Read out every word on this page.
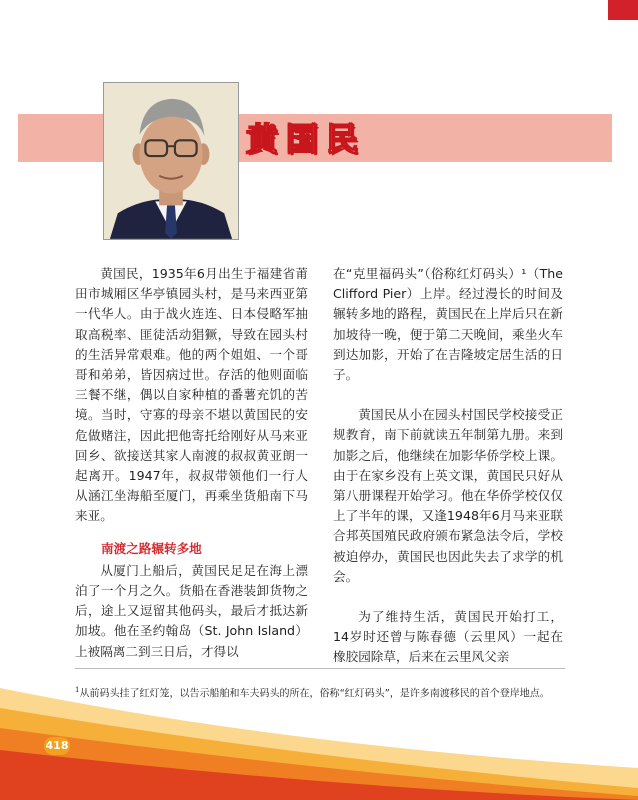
黄国民

黄国民，1935年6月出生于福建省莆田市城厢区华亭镇园头村，是马来西亚第一代华人。由于战火连连、日本侵略军抽取高税率、匪徒活动猖獗，导致在园头村的生活异常艰难。他的两个姐姐、一个哥哥和弟弟，皆因病过世。存活的他则面临三餐不继，偶以自家种植的番薯充饥的苦境。当时，守寡的母亲不堪以黄国民的安危做赌注，因此把他寄托给刚好从马来亚回乡、欲接送其家人南渡的叔叔黄亚朗一起离开。1947年，叔叔带领他们一行人从涵江坐海船至厦门，再乘坐货船南下马来亚。

南渡之路辗转多地

从厦门上船后，黄国民足足在海上漂泊了一个月之久。货船在香港装卸货物之后，途上又逗留其他码头，最后才抵达新加坡。他在圣约翰岛（St. John Island）上被隔离二到三日后，才得以

在“克里福码头”（俗称红灯码头）¹（The Clifford Pier）上岸。经过漫长的时间及辗转多地的路程，黄国民在上岸后只在新加坡待一晚，便于第二天晚间，乘坐火车到达加影，开始了在吉隆坡定居生活的日子。

黄国民从小在园头村国民学校接受正规教育，南下前就读五年制第九册。来到加影之后，他继续在加影华侨学校上课。由于在家乡没有上英文课，黄国民只好从第八册课程开始学习。他在华侨学校仅仅上了半年的课，又逢1948年6月马来亚联合邦英国殖民政府颁布紧急法令后，学校被迫停办，黄国民也因此失去了求学的机会。

为了维持生活，黄国民开始打工，14岁时还曾与陈春德（云里风）一起在橡胶园除草，后来在云里风父亲

$^1$从前码头挂了红灯笼，以告示船舶和车夫码头的所在，俗称“红灯码头”，是许多南渡移民的首个登岸地点。
418
